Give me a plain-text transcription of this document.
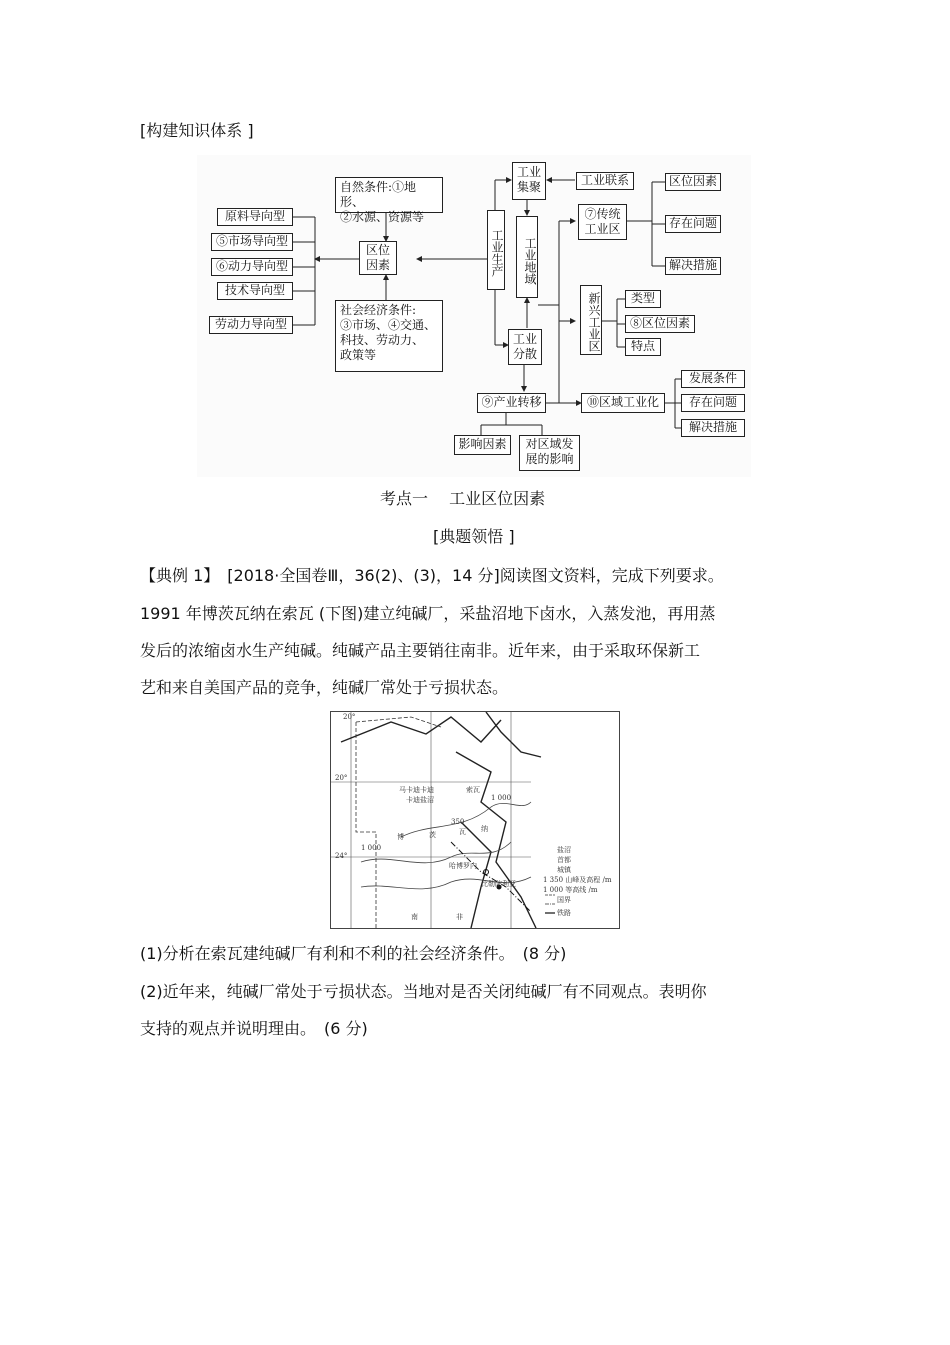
[构建知识体系 ]
自然条件:①地形、
②水源、资源等
社会经济条件:
③市场、④交通、
科技、劳动力、
政策等
区位因素
原料导向型
⑤市场导向型
⑥动力导向型
技术导向型
劳动力导向型
工业生产
工业集聚	工业联系
工业地域
工业分散
⑦传统工业区
区位因素
存在问题
解决措施
新兴工业区	类型
⑧区位因素
特点
⑨产业转移
影响因素	对区域发展的影响
⑩区域工业化
发展条件
存在问题
解决措施
考点一　 工业区位因素
[典题领悟 ]
【典例 1】　[2018·全国卷Ⅲ，36(2)、(3)，14 分]阅读图文资料，完成下列要求。
1991 年博茨瓦纳在索瓦 (下图)建立纯碱厂，采盐沼地下卤水，入蒸发池，再用蒸
发后的浓缩卤水生产纯碱。纯碱产品主要销往南非。近年来，由于采取环保新工
艺和来自美国产品的竞争，纯碱厂常处于亏损状态。
20°
20°
24°
马卡迪卡迪
卡迪盐沼
索瓦
1 000
350
博	茨	瓦 纳
哈博罗内
比勒陀利亚
南	非
1 000	盐沼
首都
城镇
1 350 山峰及高程 /m
1 000 等高线 /m
国界
铁路
(1)分析在索瓦建纯碱厂有利和不利的社会经济条件。　(8 分)
(2)近年来，纯碱厂常处于亏损状态。当地对是否关闭纯碱厂有不同观点。表明你
支持的观点并说明理由。　(6 分)
